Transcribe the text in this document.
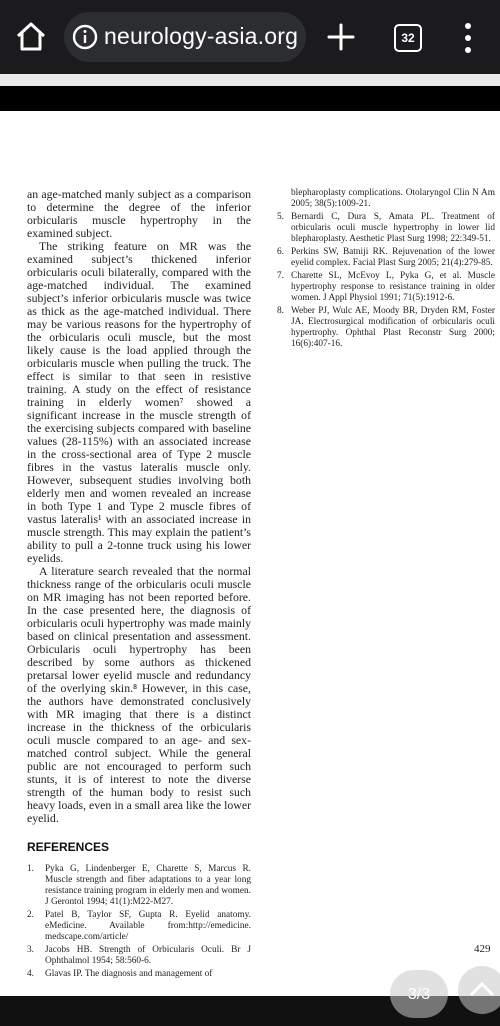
neurology-asia.org	32

an age-matched manly subject as a comparison to determine the degree of the inferior orbicularis muscle hypertrophy in the examined subject.

The striking feature on MR was the examined subject’s thickened inferior orbicularis oculi bilaterally, compared with the age-matched individual. The examined subject’s inferior orbicularis muscle was twice as thick as the age-matched individual. There may be various reasons for the hypertrophy of the orbicularis oculi muscle, but the most likely cause is the load applied through the orbicularis muscle when pulling the truck. The effect is similar to that seen in resistive training. A study on the effect of resistance training in elderly women⁷ showed a significant increase in the muscle strength of the exercising subjects compared with baseline values (28-115%) with an associated increase in the cross-sectional area of Type 2 muscle fibres in the vastus lateralis muscle only. However, subsequent studies involving both elderly men and women revealed an increase in both Type 1 and Type 2 muscle fibres of vastus lateralis¹ with an associated increase in muscle strength. This may explain the patient’s ability to pull a 2-tonne truck using his lower eyelids.

A literature search revealed that the normal thickness range of the orbicularis oculi muscle on MR imaging has not been reported before. In the case presented here, the diagnosis of orbicularis oculi hypertrophy was made mainly based on clinical presentation and assessment. Orbicularis oculi hypertrophy has been described by some authors as thickened pretarsal lower eyelid muscle and redundancy of the overlying skin.⁸ However, in this case, the authors have demonstrated conclusively with MR imaging that there is a distinct increase in the thickness of the orbicularis oculi muscle compared to an age- and sex-matched control subject. While the general public are not encouraged to perform such stunts, it is of interest to note the diverse strength of the human body to resist such heavy loads, even in a small area like the lower eyelid.

REFERENCES
1. Pyka G, Lindenberger E, Charette S, Marcus R. Muscle strength and fiber adaptations to a year long resistance training program in elderly men and women. J Gerontol 1994; 41(1):M22-M27.
2. Patel B, Taylor SF, Gupta R. Eyelid anatomy. eMedicine. Available from:http://emedicine. medscape.com/article/
3. Jacobs HB. Strength of Orbicularis Oculi. Br J Ophthalmol 1954; 58:560-6.
4. Glavas IP. The diagnosis and management of
blepharoplasty complications. Otolaryngol Clin N Am 2005; 38(5):1009-21.
5. Bernardi C, Dura S, Amata PL. Treatment of orbicularis oculi muscle hypertrophy in lower lid blepharoplasty. Aesthetic Plast Surg 1998; 22:349-51.
6. Perkins SW, Batniji RK. Rejuvenation of the lower eyelid complex. Facial Plast Surg 2005; 21(4):279-85.
7. Charette SL, McEvoy L, Pyka G, et al. Muscle hypertrophy response to resistance training in older women. J Appl Physiol 1991; 71(5):1912-6.
8. Weber PJ, Wulc AE, Moody BR, Dryden RM, Foster JA. Electrosurgical modification of orbicularis oculi hypertrophy. Ophthal Plast Reconstr Surg 2000; 16(6):407-16.
429
3/3
